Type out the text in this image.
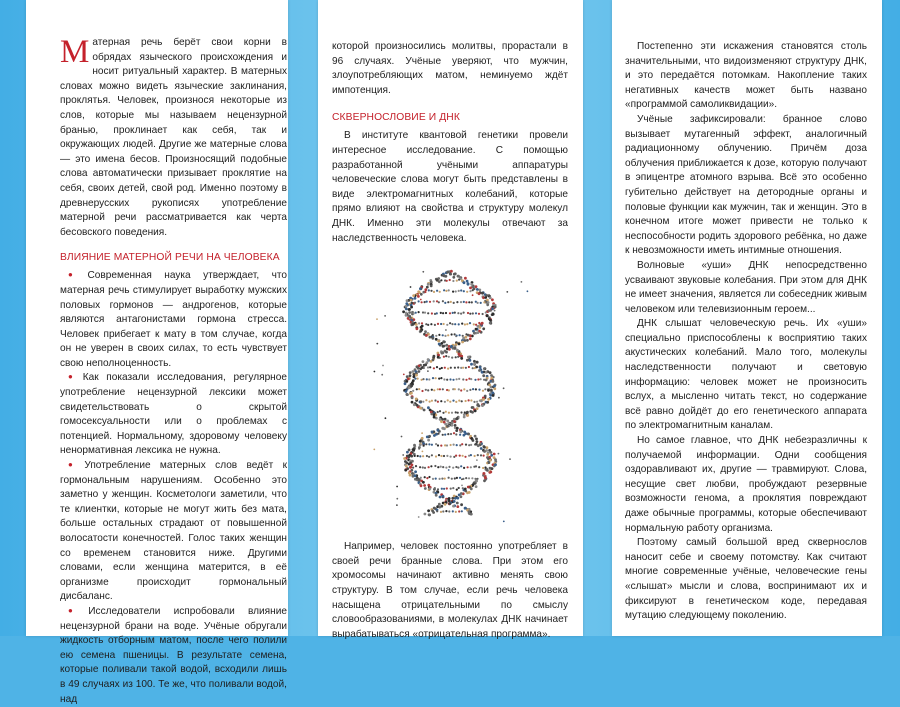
Матерная речь берёт свои корни в обрядах языческого происхождения и носит ритуальный характер. В матерных словах можно видеть языческие заклинания, проклятья. Человек, произнося некоторые из слов, которые мы называем нецензурной бранью, проклинает как себя, так и окружающих людей. Другие же матерные слова — это имена бесов. Произносящий подобные слова автоматически призывает проклятие на себя, своих детей, свой род. Именно поэтому в древнерусских рукописях употребление матерной речи рассматривается как черта бесовского поведения.

ВЛИЯНИЕ МАТЕРНОЙ РЕЧИ НА ЧЕЛОВЕКА

● Современная наука утверждает, что матерная речь стимулирует выработку мужских половых гормонов — андрогенов, которые являются антагонистами гормона стресса. Человек прибегает к мату в том случае, когда он не уверен в своих силах, то есть чувствует свою неполноценность.

● Как показали исследования, регулярное употребление нецензурной лексики может свидетельствовать о скрытой гомосексуальности или о проблемах с потенцией. Нормальному, здоровому человеку ненормативная лексика не нужна.

● Употребление матерных слов ведёт к гормональным нарушениям. Особенно это заметно у женщин. Косметологи заметили, что те клиентки, которые не могут жить без мата, больше остальных страдают от повышенной волосатости конечностей. Голос таких женщин со временем становится ниже. Другими словами, если женщина матерится, в её организме происходит гормональный дисбаланс.

● Исследователи испробовали влияние нецензурной брани на воде. Учёные обругали жидкость отборным матом, после чего полили ею семена пшеницы. В результате семена, которые поливали такой водой, всходили лишь в 49 случаях из 100. Те же, что поливали водой, над

которой произносились молитвы, прорастали в 96 случаях. Учёные уверяют, что мужчин, злоупотребляющих матом, неминуемо ждёт импотенция.

СКВЕРНОСЛОВИЕ И ДНК

В институте квантовой генетики провели интересное исследование. С помощью разработанной учёными аппаратуры человеческие слова могут быть представлены в виде электромагнитных колебаний, которые прямо влияют на свойства и структуру молекул ДНК. Именно эти молекулы отвечают за наследственность человека.

Например, человек постоянно употребляет в своей речи бранные слова. При этом его хромосомы начинают активно менять свою структуру. В том случае, если речь человека насыщена отрицательными по смыслу словообразованиями, в молекулах ДНК начинает вырабатываться «отрицательная программа».

Постепенно эти искажения становятся столь значительными, что видоизменяют структуру ДНК, и это передаётся потомкам. Накопление таких негативных качеств может быть названо «программой самоликвидации».

Учёные зафиксировали: бранное слово вызывает мутагенный эффект, аналогичный радиационному облучению. Причём доза облучения приближается к дозе, которую получают в эпицентре атомного взрыва. Всё это особенно губительно действует на детородные органы и половые функции как мужчин, так и женщин. Это в конечном итоге может привести не только к неспособности родить здорового ребёнка, но даже к невозможности иметь интимные отношения.

Волновые «уши» ДНК непосредственно усваивают звуковые колебания. При этом для ДНК не имеет значения, является ли собеседник живым человеком или телевизионным героем...

ДНК слышат человеческую речь. Их «уши» специально приспособлены к восприятию таких акустических колебаний. Мало того, молекулы наследственности получают и световую информацию: человек может не произносить вслух, а мысленно читать текст, но содержание всё равно дойдёт до его генетического аппарата по электромагнитным каналам.

Но самое главное, что ДНК небезразличны к получаемой информации. Одни сообщения оздоравливают их, другие — травмируют. Слова, несущие свет любви, пробуждают резервные возможности генома, а проклятия повреждают даже обычные программы, которые обеспечивают нормальную работу организма.

Поэтому самый большой вред сквернослов наносит себе и своему потомству. Как считают многие современные учёные, человеческие гены «слышат» мысли и слова, воспринимают их и фиксируют в генетическом коде, передавая мутацию следующему поколению.
